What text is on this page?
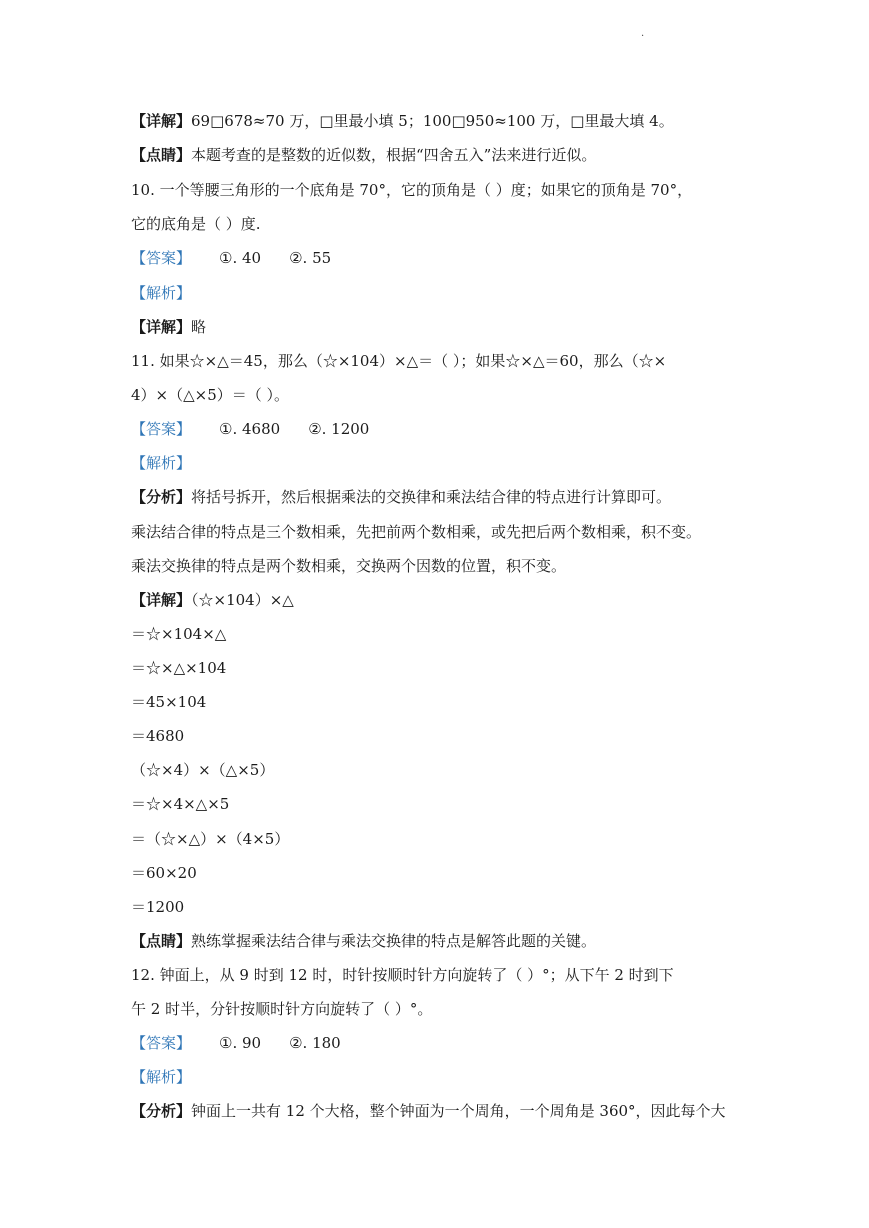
.
【详解】69□678≈70 万，□里最小填 5；100□950≈100 万，□里最大填 4。
【点睛】本题考查的是整数的近似数，根据“四舍五入”法来进行近似。
10. 一个等腰三角形的一个底角是 70°，它的顶角是（ ）度；如果它的顶角是 70°，
它的底角是（ ）度.
【答案】 ①. 40 ②. 55
【解析】
【详解】略
11. 如果☆×△＝45，那么（☆×104）×△＝（ ）；如果☆×△＝60，那么（☆×
4）×（△×5）＝（ ）。
【答案】 ①. 4680 ②. 1200
【解析】
【分析】将括号拆开，然后根据乘法的交换律和乘法结合律的特点进行计算即可。
乘法结合律的特点是三个数相乘，先把前两个数相乘，或先把后两个数相乘，积不变。
乘法交换律的特点是两个数相乘，交换两个因数的位置，积不变。
【详解】（☆×104）×△
＝☆×104×△
＝☆×△×104
＝45×104
＝4680
（☆×4）×（△×5）
＝☆×4×△×5
＝（☆×△）×（4×5）
＝60×20
＝1200
【点睛】熟练掌握乘法结合律与乘法交换律的特点是解答此题的关键。
12. 钟面上，从 9 时到 12 时，时针按顺时针方向旋转了（ ）°；从下午 2 时到下
午 2 时半，分针按顺时针方向旋转了（ ）°。
【答案】 ①. 90 ②. 180
【解析】
【分析】钟面上一共有 12 个大格，整个钟面为一个周角，一个周角是 360°，因此每个大
